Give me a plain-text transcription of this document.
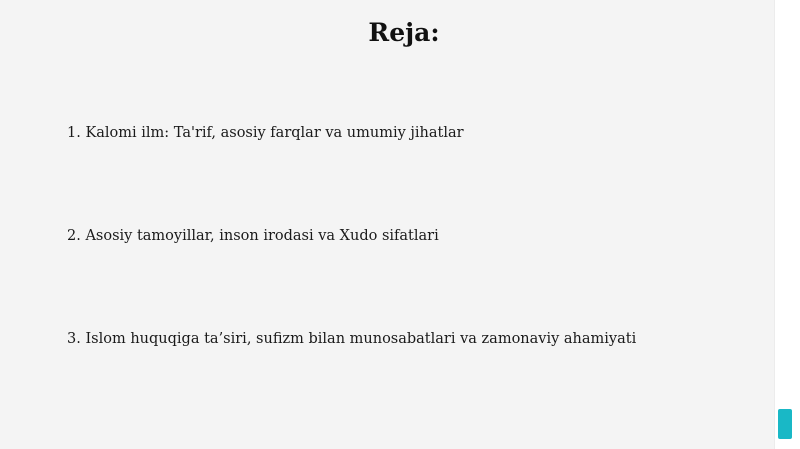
Reja:
1. Kalomi ilm: Ta'rif, asosiy farqlar va umumiy jihatlar
2. Asosiy tamoyillar, inson irodasi va Xudo sifatlari
3. Islom huquqiga ta’siri, sufizm bilan munosabatlari va zamonaviy ahamiyati
